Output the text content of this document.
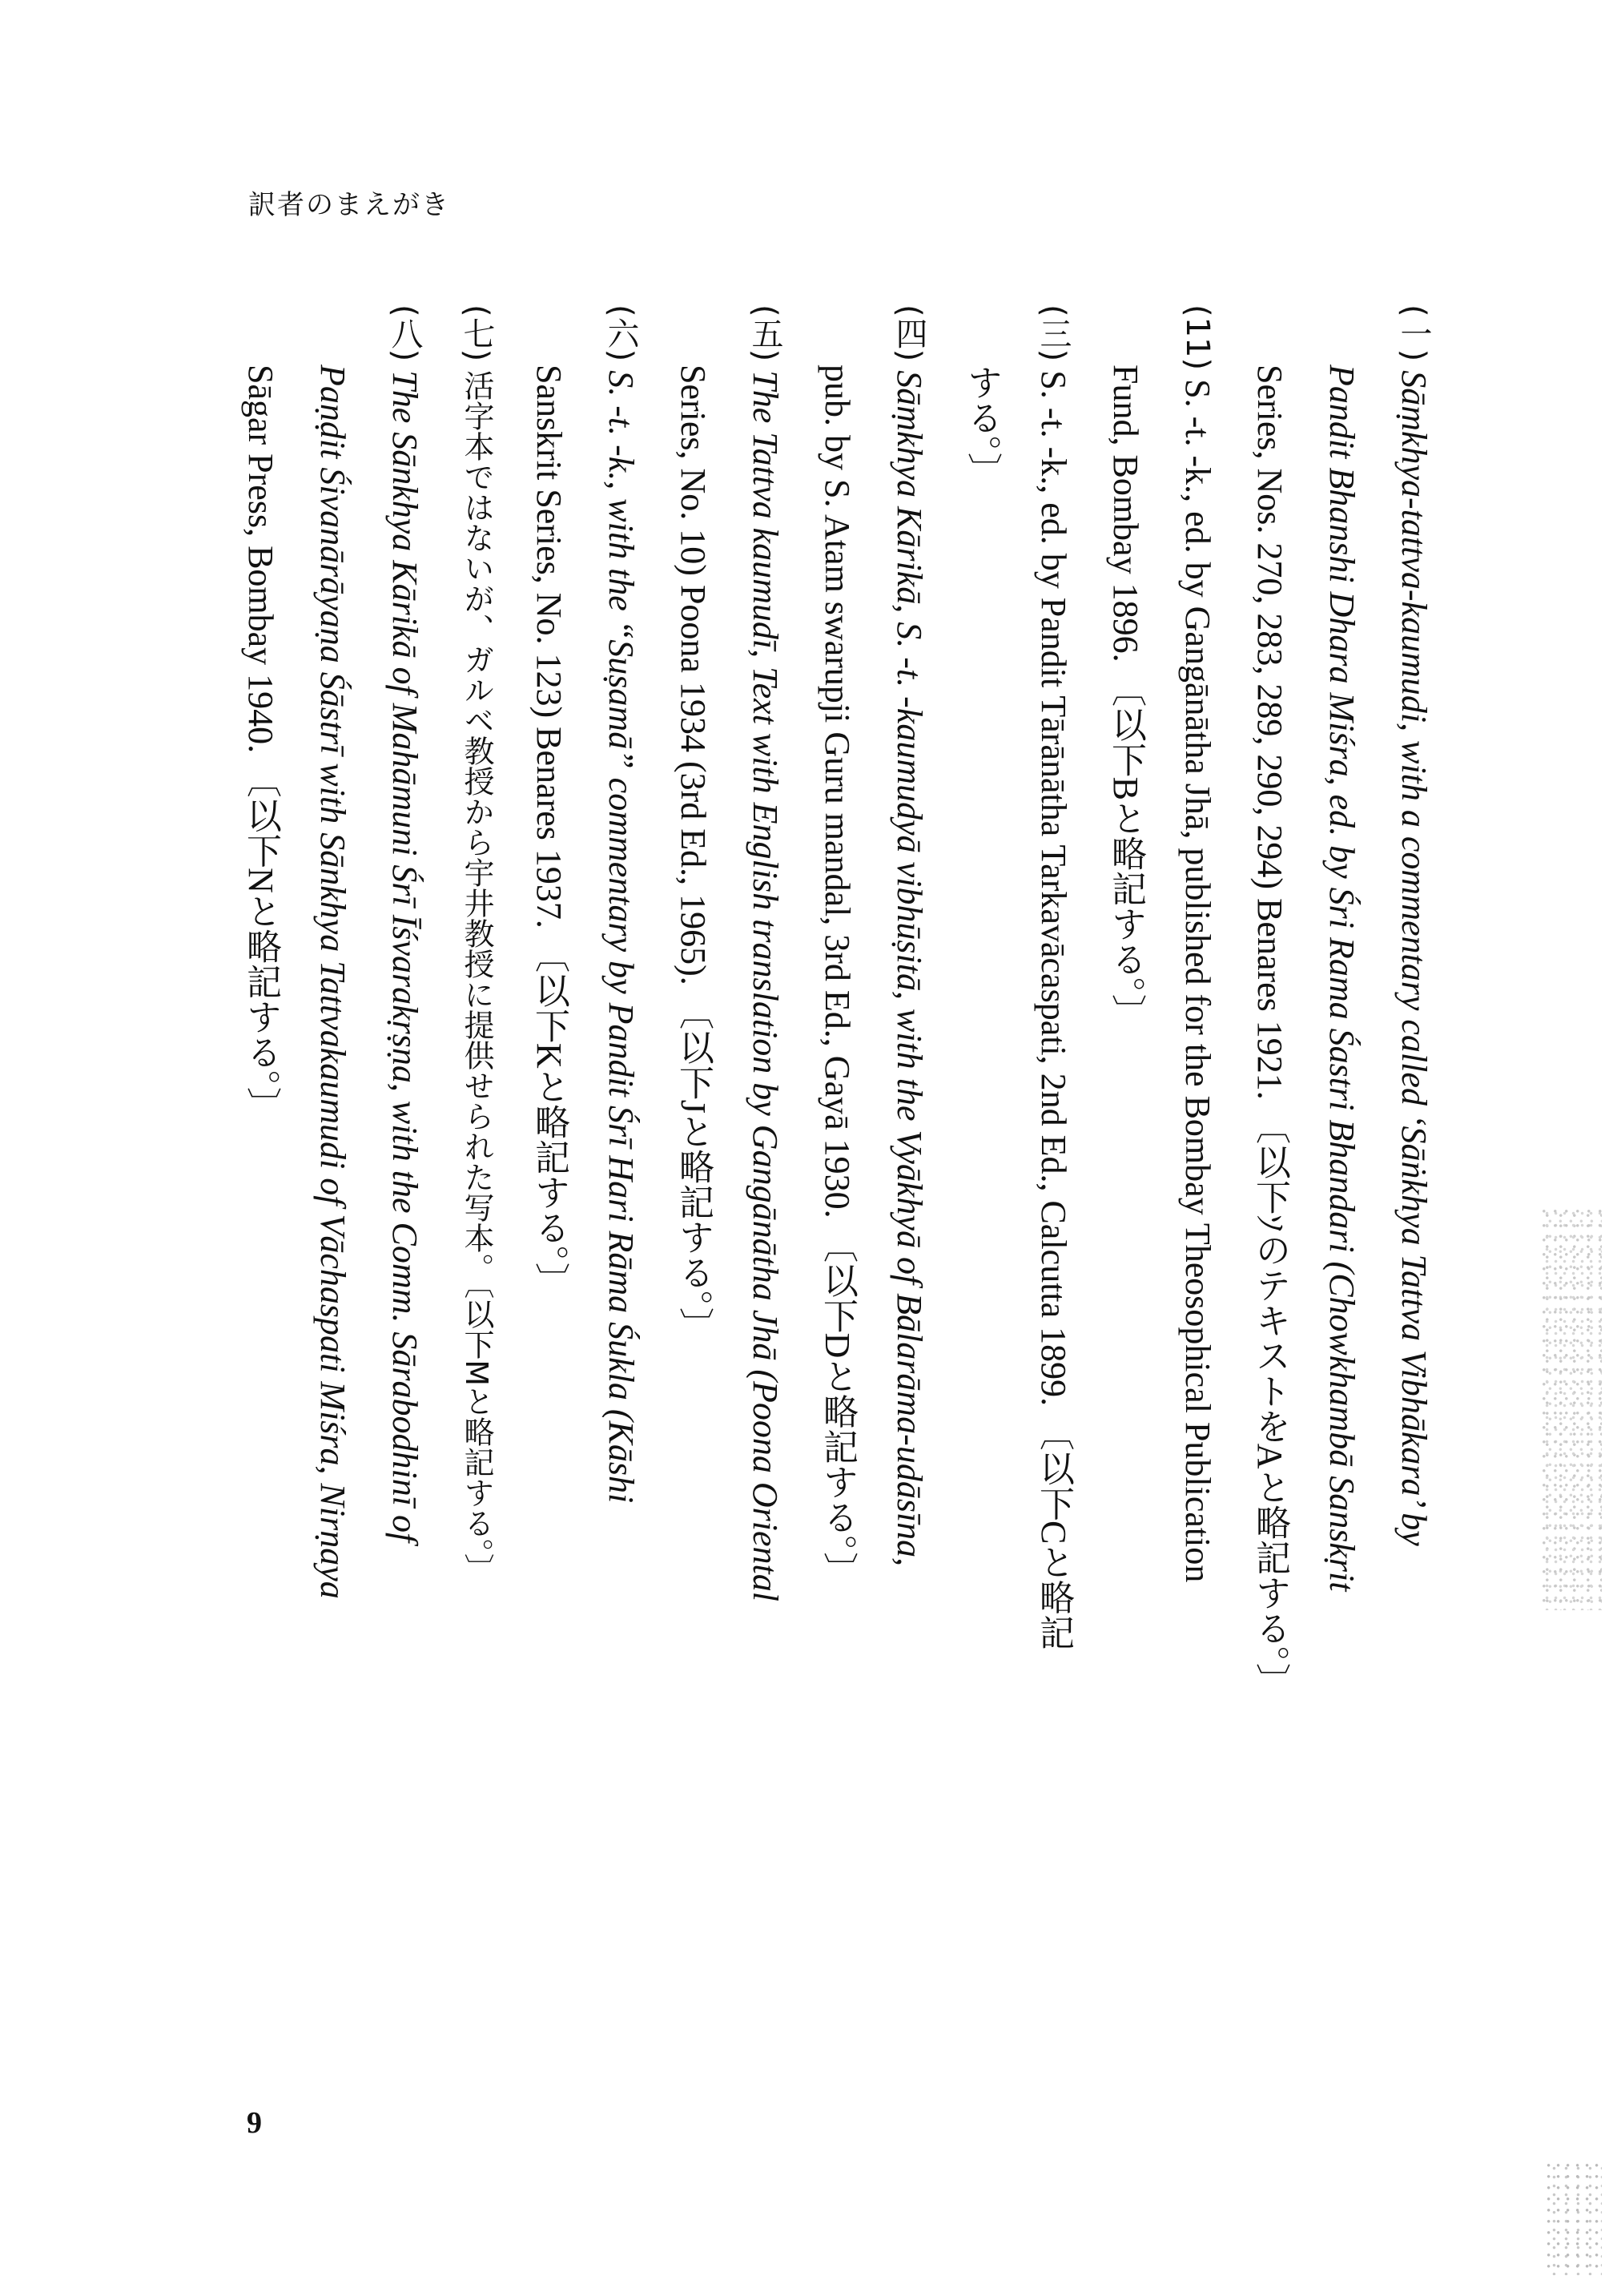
訳者のまえがき
(一) Sāṃkhya-tattva-kaumudi, with a commentary called ‘Sāṅkhya Tattva Vibhākara’ by
Pandit Bhanshi Dhara Miśra, ed. by Śri Rama Śastri Bhandari (Chowkhambā Sanskṛit
Series, Nos. 270, 283, 289, 290, 294) Benares 1921. 〔以下ｿのテキストをAと略記する。〕
(11) S. -t. -k., ed. by Gangānātha Jhā, published for the Bombay Theosophical Publication
Fund, Bombay 1896. 〔以下Bと略記する。〕
(三) S. -t. -k., ed. by Pandit Tārānātha Tarkavācaspati, 2nd Ed., Calcutta 1899. 〔以下Cと略記
する。〕
(四) Sāṃkhya Kārikā, S. -t. -kaumudyā vibhūṣitā, with the Vyākhyā of Bālarāma-udāsīna,
pub. by S. Atam swarupji Guru mandal, 3rd Ed., Gayā 1930. 〔以下Dと略記する。〕
(五) The Tattva kaumudī, Text with English translation by Gangānātha Jhā (Poona Oriental
Series, No. 10) Poona 1934 (3rd Ed., 1965). 〔以下Jと略記する。〕
(六) S. -t. -k., with the “Suṣamā” commentary by Pandit Śrī Hari Rāma Śukla (Kāshi
Sanskrit Series, No. 123) Benares 1937. 〔以下Kと略記する。〕
(七) 活字本ではないが、ガルベ教授から宇井教授に提供せられた写本。〔以下Mと略記する。〕
(八) The Sānkhya Kārikā of Mahāmuni Śrī Īśvarakṛṣṇa, with the Comm. Sārabodhinī of
Paṇḍit Śivanārāyaṇa Śāstrī with Sānkhya Tattvakaumudi of Vāchaspati Miśra, Nirṇaya
Sāgar Press, Bombay 1940. 〔以下Nと略記する。〕
9
